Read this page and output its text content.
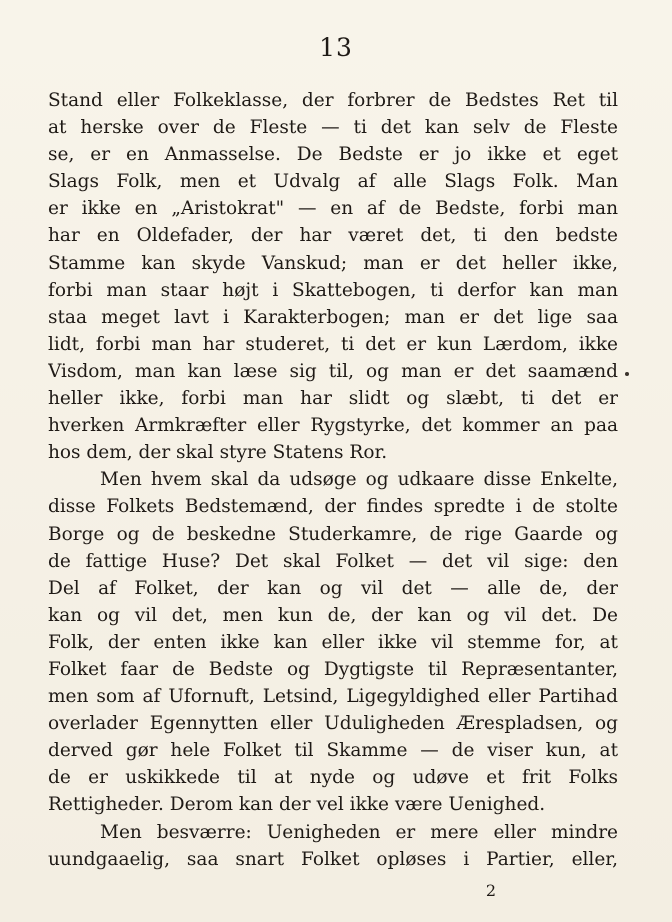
13
Stand eller Folkeklasse, der forbrer de Bedstes Ret til
at herske over de Fleste — ti det kan selv de Fleste
se, er en Anmasselse. De Bedste er jo ikke et eget
Slags Folk, men et Udvalg af alle Slags Folk. Man
er ikke en „Aristokrat" — en af de Bedste, forbi man
har en Oldefader, der har været det, ti den bedste
Stamme kan skyde Vanskud; man er det heller ikke,
forbi man staar højt i Skattebogen, ti derfor kan man
staa meget lavt i Karakterbogen; man er det lige saa
lidt, forbi man har studeret, ti det er kun Lærdom, ikke
Visdom, man kan læse sig til, og man er det saamænd
heller ikke, forbi man har slidt og slæbt, ti det er
hverken Armkræfter eller Rygstyrke, det kommer an paa
hos dem, der skal styre Statens Ror.
Men hvem skal da udsøge og udkaare disse Enkelte,
disse Folkets Bedstemænd, der findes spredte i de stolte
Borge og de beskedne Studerkamre, de rige Gaarde og
de fattige Huse? Det skal Folket — det vil sige: den
Del af Folket, der kan og vil det — alle de, der
kan og vil det, men kun de, der kan og vil det. De
Folk, der enten ikke kan eller ikke vil stemme for, at
Folket faar de Bedste og Dygtigste til Repræsentanter,
men som af Ufornuft, Letsind, Ligegyldighed eller Partihad
overlader Egennytten eller Uduligheden Ærespladsen, og
derved gør hele Folket til Skamme — de viser kun, at
de er uskikkede til at nyde og udøve et frit Folks
Rettigheder. Derom kan der vel ikke være Uenighed.
Men besværre: Uenigheden er mere eller mindre
uundgaaelig, saa snart Folket opløses i Partier, eller,
2
